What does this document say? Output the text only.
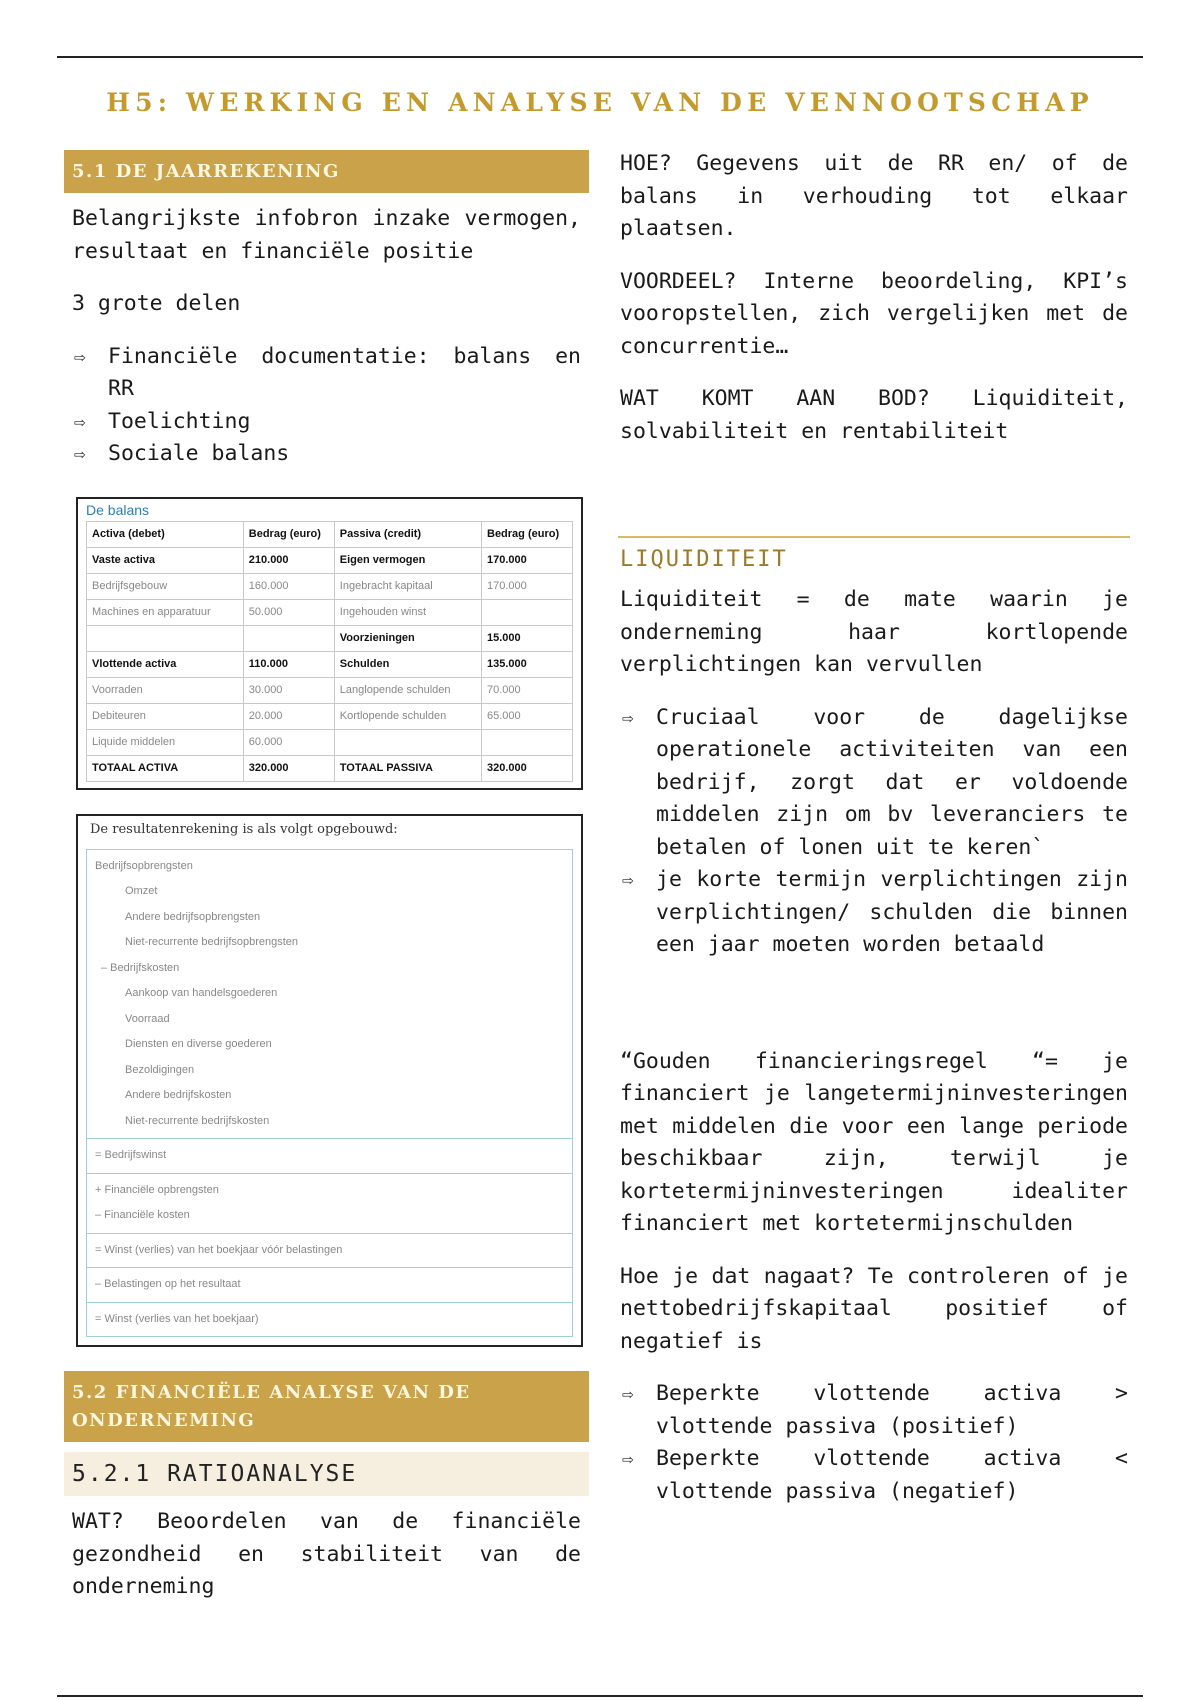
H5: WERKING EN ANALYSE VAN DE VENNOOTSCHAP
5.1 DE JAARREKENING

Belangrijkste infobron inzake vermogen, resultaat en financiële positie

3 grote delen

⇨ Financiële documentatie: balans en RR
⇨ Toelichting
⇨ Sociale balans
De balans
Activa (debet)	Bedrag (euro)	Passiva (credit)	Bedrag (euro)
Vaste activa	210.000	Eigen vermogen	170.000
Bedrijfsgebouw	160.000	Ingebracht kapitaal	170.000
Machines en apparatuur	50.000	Ingehouden winst	
		Voorzieningen	15.000
Vlottende activa	110.000	Schulden	135.000
Voorraden	30.000	Langlopende schulden	70.000
Debiteuren	20.000	Kortlopende schulden	65.000
Liquide middelen	60.000		
TOTAAL ACTIVA	320.000	TOTAAL PASSIVA	320.000
De resultatenrekening is als volgt opgebouwd:
Bedrijfsopbrengsten
Omzet
Andere bedrijfsopbrengsten
Niet-recurrente bedrijfsopbrengsten
– Bedrijfskosten
Aankoop van handelsgoederen
Voorraad
Diensten en diverse goederen
Bezoldigingen
Andere bedrijfskosten
Niet-recurrente bedrijfskosten
= Bedrijfswinst
+ Financiële opbrengsten
– Financiële kosten
= Winst (verlies) van het boekjaar vóór belastingen
– Belastingen op het resultaat
= Winst (verlies van het boekjaar)
5.2 FINANCIËLE ANALYSE VAN DE ONDERNEMING
5.2.1 RATIOANALYSE

WAT? Beoordelen van de financiële gezondheid en stabiliteit van de onderneming

HOE? Gegevens uit de RR en/ of de balans in verhouding tot elkaar plaatsen.

VOORDEEL? Interne beoordeling, KPI’s vooropstellen, zich vergelijken met de concurrentie…

WAT KOMT AAN BOD? Liquiditeit, solvabiliteit en rentabiliteit

LIQUIDITEIT

Liquiditeit = de mate waarin je onderneming haar kortlopende verplichtingen kan vervullen

⇨ Cruciaal voor de dagelijkse operationele activiteiten van een bedrijf, zorgt dat er voldoende middelen zijn om bv leveranciers te betalen of lonen uit te keren`
⇨ je korte termijn verplichtingen zijn verplichtingen/ schulden die binnen een jaar moeten worden betaald

“Gouden financieringsregel “= je financiert je langetermijninvesteringen met middelen die voor een lange periode beschikbaar zijn, terwijl je kortetermijninvesteringen idealiter financiert met kortetermijnschulden

Hoe je dat nagaat? Te controleren of je nettobedrijfskapitaal positief of negatief is

⇨ Beperkte vlottende activa > vlottende passiva (positief)
⇨ Beperkte vlottende activa < vlottende passiva (negatief)
